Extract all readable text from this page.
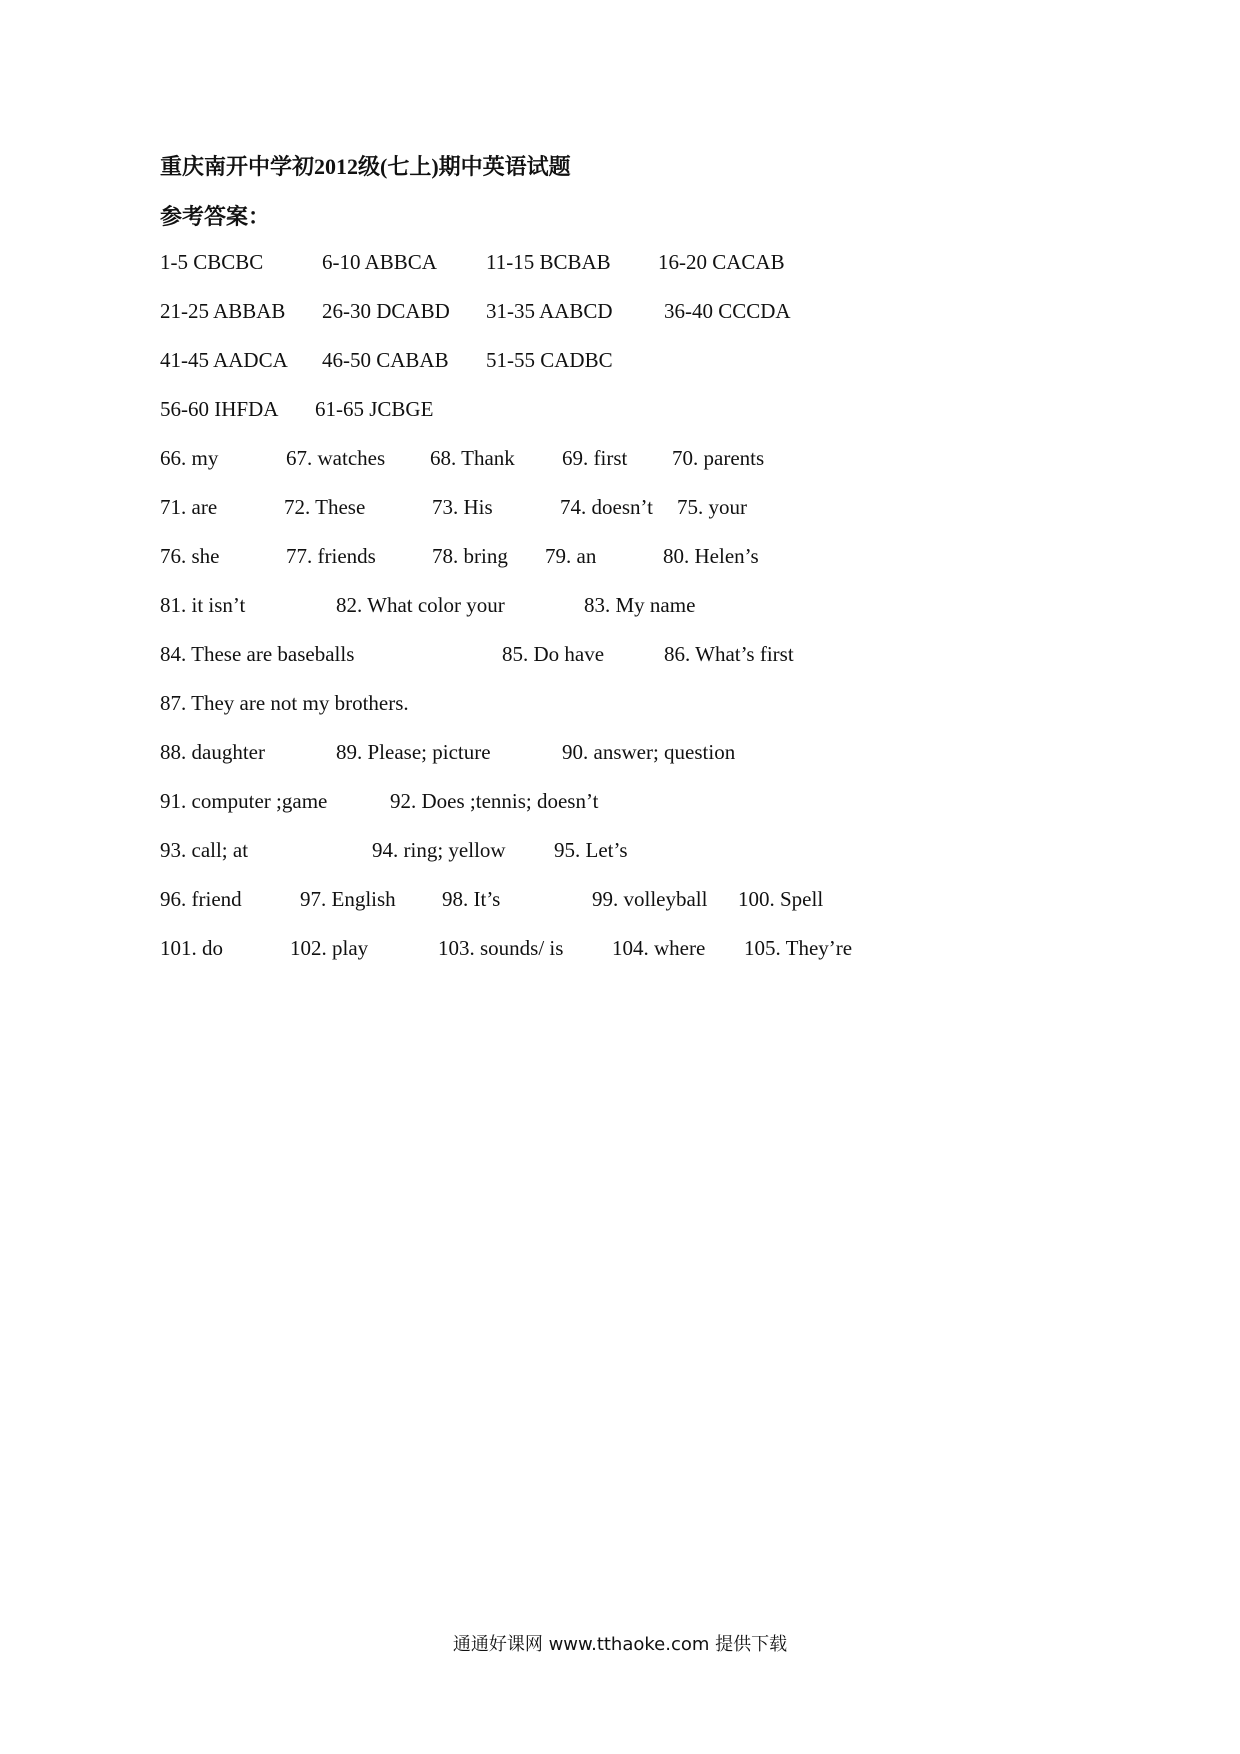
重庆南开中学初2012级(七上)期中英语试题
参考答案：
1-5 CBCBC	6-10 ABBCA 11-15 BCBAB 16-20 CACAB
21-25 ABBAB 26-30 DCABD 31-35 AABCD 36-40 CCCDA
41-45 AADCA 46-50 CABAB 51-55 CADBC
56-60 IHFDA 61-65 JCBGE
66. my	67. watches 68. Thank 69. first 70. parents
71. are	72. These	73. His	74. doesn’t 75. your
76. she	77. friends	78. bring 79. an	80. Helen’s
81. it isn’t	82. What color your	83. My name
84. These are baseballs	85. Do have	86. What’s first
87. They are not my brothers.
88. daughter	89. Please; picture	90. answer; question
91. computer ;game	92. Does ;tennis; doesn’t
93. call; at	94. ring; yellow 95. Let’s
96. friend	97. English 98. It’s	99. volleyball 100. Spell
101. do	102. play	103. sounds/ is 104. where 105. They’re
通通好课网 www.tthaoke.com 提供下载
